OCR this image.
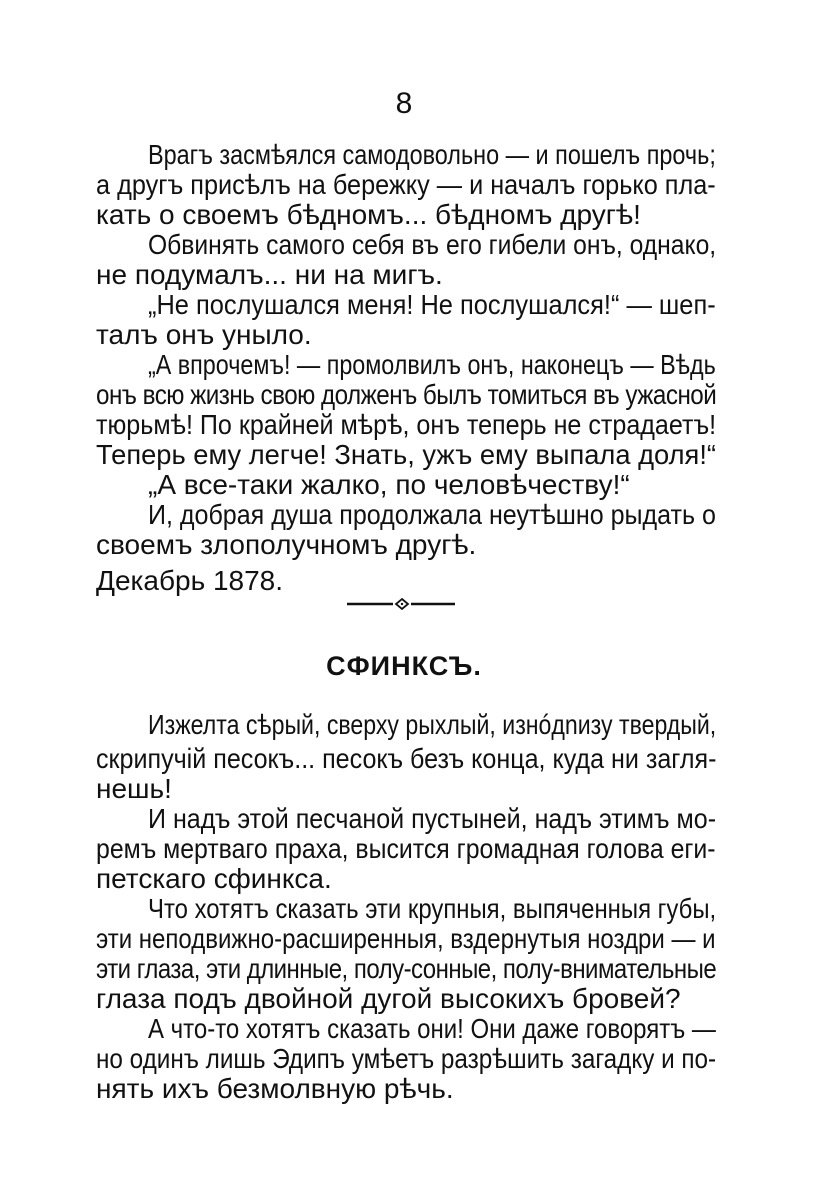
8
Врагъ засмѣялся самодовольно — и пошелъ прочь;
а другъ присѣлъ на бережку — и началъ горько пла-
кать о своемъ бѣдномъ... бѣдномъ другѣ!
Обвинять самого себя въ его гибели онъ, однако,
не подумалъ... ни на мигъ.
„Не послушался меня! Не послушался!“ — шеп-
талъ онъ уныло.
„А впрочемъ! — промолвилъ онъ, наконецъ — Вѣдь
онъ всю жизнь свою долженъ былъ томиться въ ужасной
тюрьмѣ! По крайней мѣрѣ, онъ теперь не страдаетъ!
Теперь ему легче! Знать, ужъ ему выпала доля!“
„А все-таки жалко, по человѣчеству!“
И, добрая душа продолжала неутѣшно рыдать о
своемъ злополучномъ другѣ.
Декабрь 1878.
СФИНКСЪ.
Изжелта сѣрый, сверху рыхлый, изнóдnизу твердый,
скрипучій песокъ... песокъ безъ конца, куда ни загля-
нешь!
И надъ этой песчаной пустыней, надъ этимъ мо-
ремъ мертваго праха, высится громадная голова еги-
петскаго сфинкса.
Что хотятъ сказать эти крупныя, выпяченныя губы,
эти неподвижно-расширенныя, вздернутыя ноздри — и
эти глаза, эти длинные, полу-сонные, полу-внимательные
глаза подъ двойной дугой высокихъ бровей?
А что-то хотятъ сказать они! Они даже говорятъ —
но одинъ лишь Эдипъ умѣетъ разрѣшить загадку и по-
нять ихъ безмолвную рѣчь.
